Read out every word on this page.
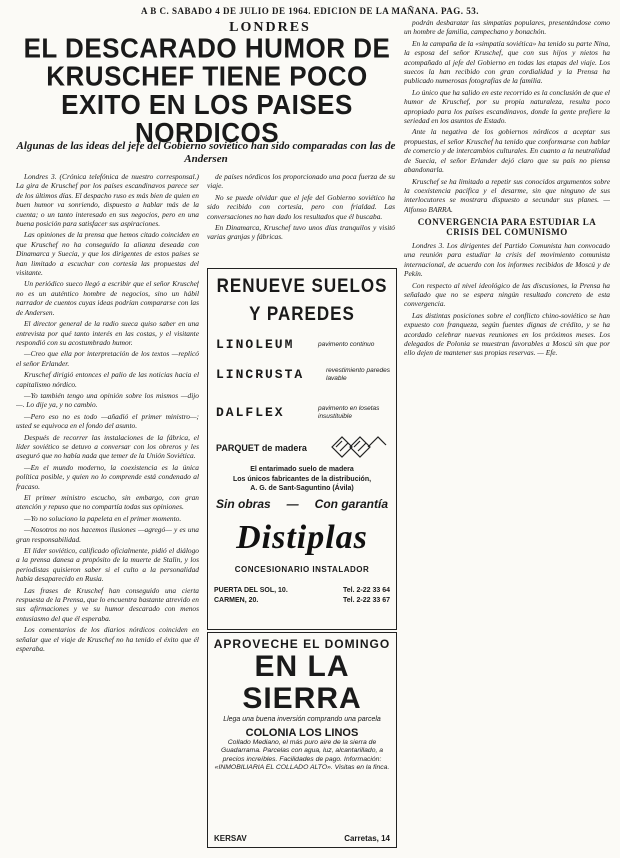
A B C. SABADO 4 DE JULIO DE 1964. EDICION DE LA MAÑANA. PAG. 53.
LONDRES
EL DESCARADO HUMOR DE KRUSCHEF TIENE POCO EXITO EN LOS PAISES NORDICOS
Algunas de las ideas del jefe del Gobierno soviético han sido comparadas con las de Andersen

Londres 3. (Crónica telefónica de nuestro corresponsal.) La gira de Kruschef por los países escandinavos parece ser de los últimos días. El despacho ruso es más bien de quien en buen humor va sonriendo, dispuesto a hablar más de la cuenta; o un tanto interesado en sus negocios, pero en una buena posición para satisfacer sus aspiraciones.

Las opiniones de la prensa que hemos citado coinciden en que Kruschef no ha conseguido la alianza deseada con Dinamarca y Suecia, y que los dirigentes de estos países se han limitado a escuchar con cortesía las propuestas del visitante.

Un periódico sueco llegó a escribir que el señor Kruschef no es un auténtico hombre de negocios, sino un hábil narrador de cuentos cuyas ideas podrían compararse con las de Andersen.

El director general de la radio sueca quiso saber en una entrevista por qué tanto interés en las costas, y el visitante respondió con su acostumbrado humor.

—Creo que ella por interpretación de los textos —replicó el señor Erlander.

Kruschef dirigió entonces el palio de las noticias hacia el capitalismo nórdico.

—Yo también tengo una opinión sobre los mismos —dijo—. Lo dije ya, y no cambio.

—Pero eso no es todo —añadió el primer ministro—; usted se equivoca en el fondo del asunto.

Después de recorrer las instalaciones de la fábrica, el líder soviético se detuvo a conversar con los obreros y les aseguró que no había nada que temer de la Unión Soviética.

—En el mundo moderno, la coexistencia es la única política posible, y quien no lo comprende está condenado al fracaso.

El primer ministro escucho, sin embargo, con gran atención y repuso que no compartía todas sus opiniones.

—Yo no soluciono la papeleta en el primer momento.

—Nosotros no nos hacemos ilusiones —agregó— y es una gran responsabilidad.

El líder soviético, calificado oficialmente, pidió el diálogo a la prensa danesa a propósito de la muerte de Stalin, y los periodistas quisieron saber si el culto a la personalidad había desaparecido en Rusia.

Las frases de Kruschef han conseguido una cierta respuesta de la Prensa, que lo encuentra bastante atrevido en sus afirmaciones y ve su humor descarado con menos entusiasmo del que él esperaba.

Los comentarios de los diarios nórdicos coinciden en señalar que el viaje de Kruschef no ha tenido el éxito que él esperaba.

de países nórdicos los proporcionado una poca fuerza de su viaje.

No se puede olvidar que el jefe del Gobierno soviético ha sido recibido con cortesía, pero con frialdad. Las conversaciones no han dado los resultados que él buscaba.

En Dinamarca, Kruschef tuvo unos días tranquilos y visitó varias granjas y fábricas.

podrán desbaratar las simpatías populares, presentándose como un hombre de familia, campechano y bonachón.

En la campaña de la «simpatía soviética» ha tenido su parte Nina, la esposa del señor Kruschef, que con sus hijos y nietos ha acompañado al jefe del Gobierno en todas las etapas del viaje. Los suecos la han recibido con gran cordialidad y la Prensa ha publicado numerosas fotografías de la familia.

Lo único que ha salido en este recorrido es la conclusión de que el humor de Kruschef, por su propia naturaleza, resulta poco apropiado para los países escandinavos, donde la gente prefiere la seriedad en los asuntos de Estado.

Ante la negativa de los gobiernos nórdicos a aceptar sus propuestas, el señor Kruschef ha tenido que conformarse con hablar de comercio y de intercambios culturales. En cuanto a la neutralidad de Suecia, el señor Erlander dejó claro que su país no piensa abandonarla.

Kruschef se ha limitado a repetir sus conocidos argumentos sobre la coexistencia pacífica y el desarme, sin que ninguno de sus interlocutores se mostrara dispuesto a secundar sus planes. — Alfonso BARRA.

CONVERGENCIA PARA ESTUDIAR LA CRISIS DEL COMUNISMO

Londres 3. Los dirigentes del Partido Comunista han convocado una reunión para estudiar la crisis del movimiento comunista internacional, de acuerdo con los informes recibidos de Moscú y de Pekín.

Con respecto al nivel ideológico de las discusiones, la Prensa ha señalado que no se espera ningún resultado concreto de esta convergencia.

Las distintas posiciones sobre el conflicto chino-soviético se han expuesto con franqueza, según fuentes dignas de crédito, y se ha acordado celebrar nuevas reuniones en los próximos meses. Los delegados de Polonia se muestran favorables a Moscú sin que por ello dejen de mantener sus propias reservas. — Efe.

RENUEVE SUELOS
Y PAREDES
LINOLEUM	pavimento continuo
LINCRUSTA	revestimiento paredes lavable
DALFLEX	pavimento en losetas insustituible
PARQUET de madera
El entarimado suelo de madera
Los únicos fabricantes de la distribución,
A. G. de Sant-Saguntino (Ávila)
Sin obras — Con garantía
Distiplas
CONCESIONARIO INSTALADOR
PUERTA DEL SOL, 10.	Tel. 2-22 33 64
CARMEN, 20.	Tel. 2-22 33 67
APROVECHE EL DOMINGO
EN LA SIERRA
Llega una buena inversión comprando una parcela
COLONIA LOS LINOS
Collado Mediano, el más puro aire de la sierra de Guadarrama. Parcelas con agua, luz, alcantarillado, a precios increíbles. Facilidades de pago. Información: «INMOBILIARIA EL COLLADO ALTO». Visitas en la finca.
KERSAV	Carretas, 14
